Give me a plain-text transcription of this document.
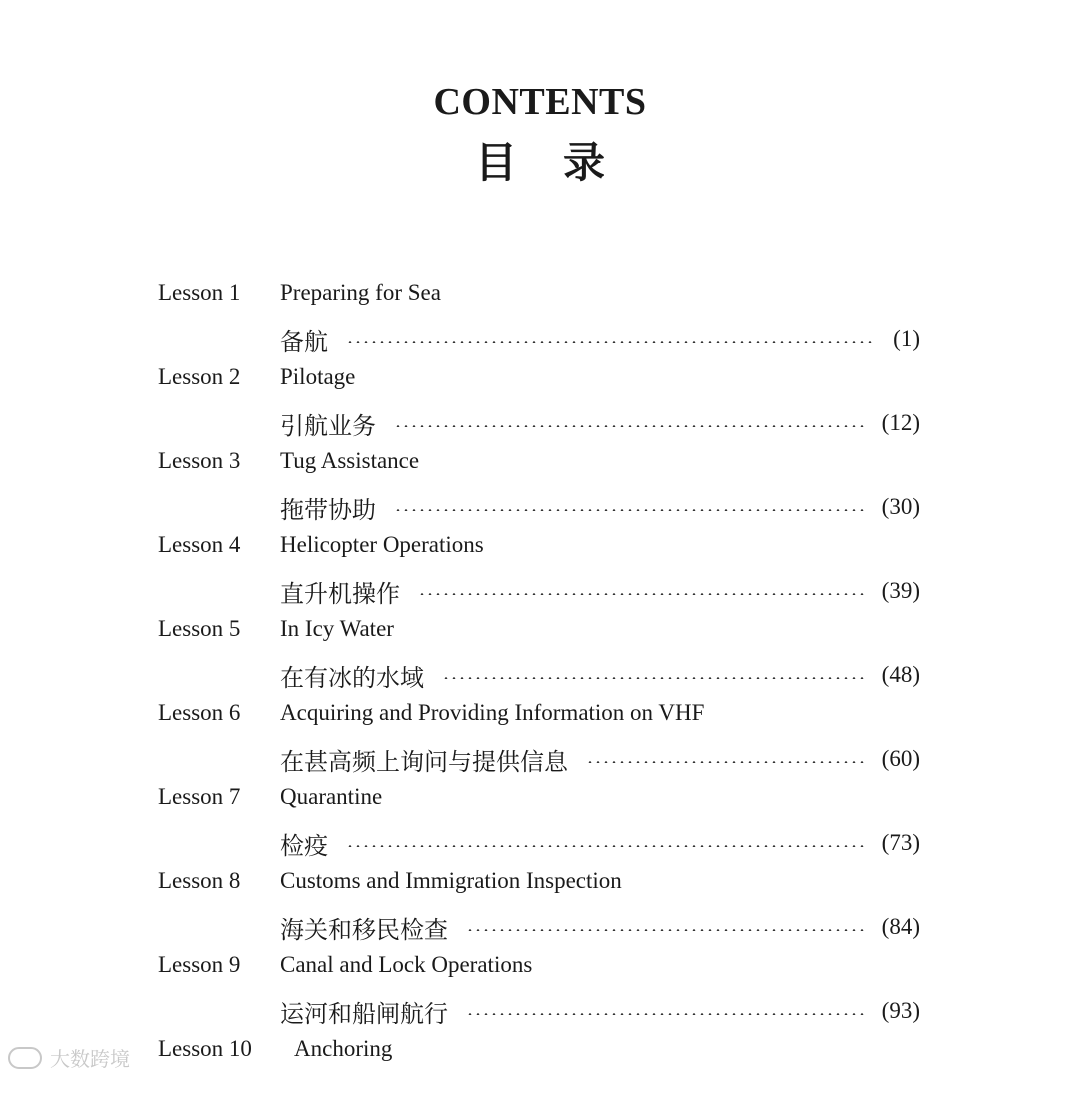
CONTENTS
目录
Lesson 1 Preparing for Sea
备航	(1)
Lesson 2 Pilotage
引航业务	(12)
Lesson 3 Tug Assistance
拖带协助	(30)
Lesson 4 Helicopter Operations
直升机操作	(39)
Lesson 5 In Icy Water
在有冰的水域	(48)
Lesson 6 Acquiring and Providing Information on VHF
在甚高频上询问与提供信息	(60)
Lesson 7 Quarantine
检疫	(73)
Lesson 8 Customs and Immigration Inspection
海关和移民检查	(84)
Lesson 9 Canal and Lock Operations
运河和船闸航行	(93)
Lesson 10 Anchoring
大数跨境
